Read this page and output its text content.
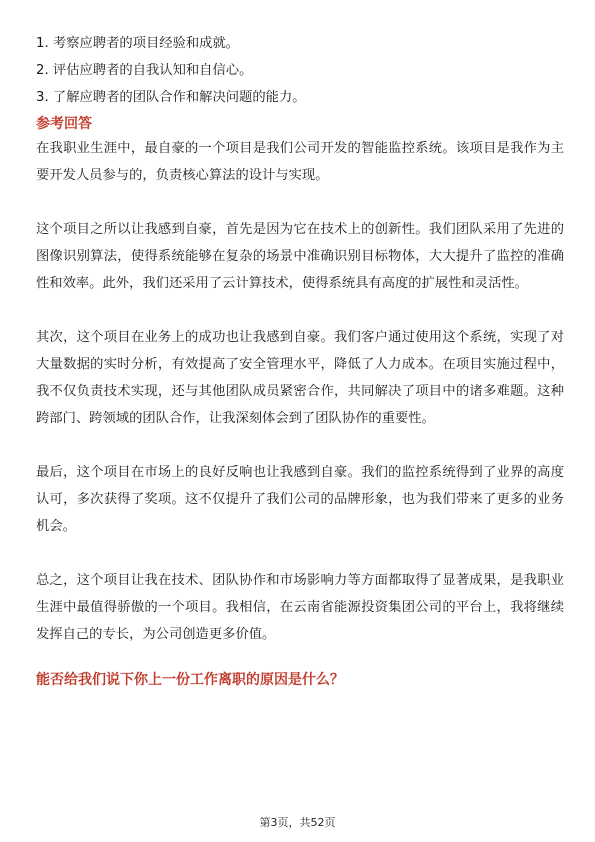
1. 考察应聘者的项目经验和成就。
2. 评估应聘者的自我认知和自信心。
3. 了解应聘者的团队合作和解决问题的能力。
参考回答

在我职业生涯中，最自豪的一个项目是我们公司开发的智能监控系统。该项目是我作为主要开发人员参与的，负责核心算法的设计与实现。

这个项目之所以让我感到自豪，首先是因为它在技术上的创新性。我们团队采用了先进的图像识别算法，使得系统能够在复杂的场景中准确识别目标物体，大大提升了监控的准确性和效率。此外，我们还采用了云计算技术，使得系统具有高度的扩展性和灵活性。

其次，这个项目在业务上的成功也让我感到自豪。我们客户通过使用这个系统，实现了对大量数据的实时分析，有效提高了安全管理水平，降低了人力成本。在项目实施过程中，我不仅负责技术实现，还与其他团队成员紧密合作，共同解决了项目中的诸多难题。这种跨部门、跨领域的团队合作，让我深刻体会到了团队协作的重要性。

最后，这个项目在市场上的良好反响也让我感到自豪。我们的监控系统得到了业界的高度认可，多次获得了奖项。这不仅提升了我们公司的品牌形象，也为我们带来了更多的业务机会。

总之，这个项目让我在技术、团队协作和市场影响力等方面都取得了显著成果，是我职业生涯中最值得骄傲的一个项目。我相信，在云南省能源投资集团公司的平台上，我将继续发挥自己的专长，为公司创造更多价值。

能否给我们说下你上一份工作离职的原因是什么？
第3页，共52页
